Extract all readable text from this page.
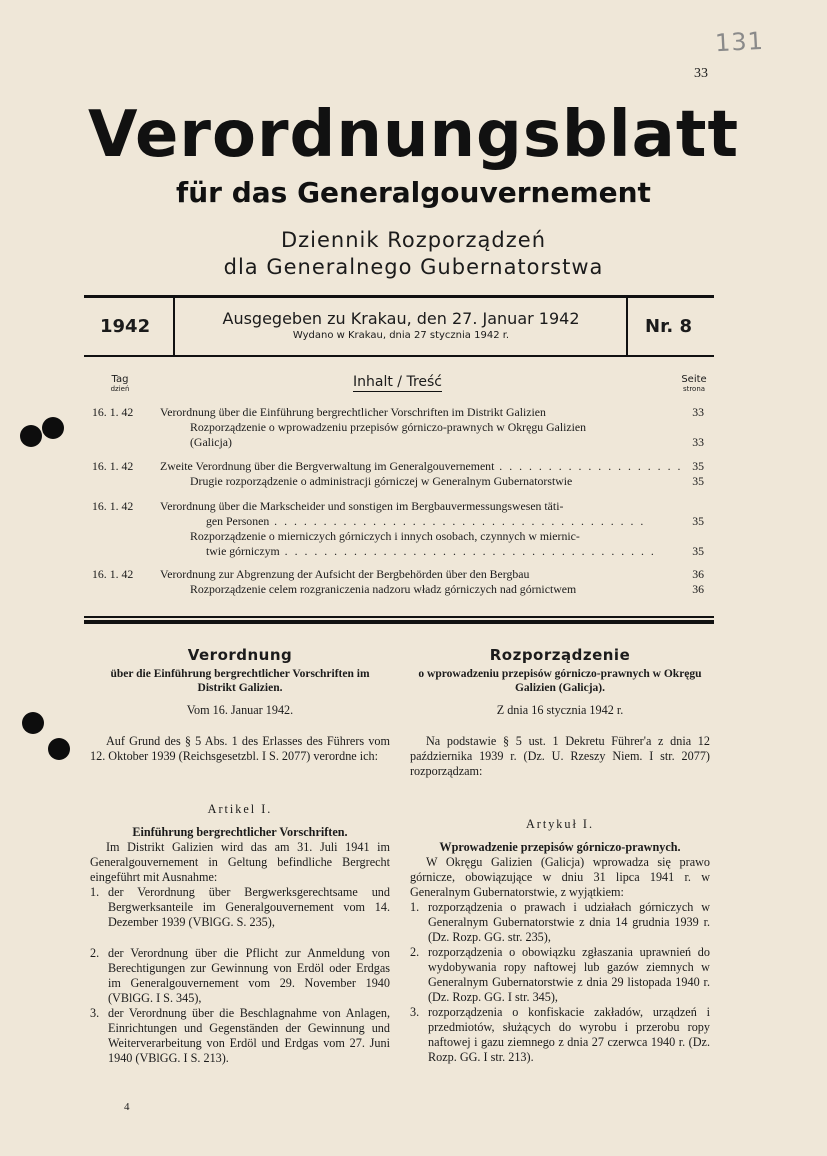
131
33
Verordnungsblatt
für das Generalgouvernement
Dziennik Rozporządzeń
dla Generalnego Gubernatorstwa
1942	Ausgegeben zu Krakau, den 27. Januar 1942
Wydano w Krakau, dnia 27 stycznia 1942 r.	Nr. 8
Tag
dzień	Inhalt / Treść	Seite
strona
16. 1. 42 Verordnung über die Einführung bergrechtlicher Vorschriften im Distrikt Galizien	33
Rozporządzenie o wprowadzeniu przepisów górniczo-prawnych w Okręgu Galizien
(Galicja)	33
16. 1. 42 Zweite Verordnung über die Bergverwaltung im Generalgouvernement . . .	35
Drugie rozporządzenie o administracji górniczej w Generalnym Gubernatorstwie	35
16. 1. 42 Verordnung über die Markscheider und sonstigen im Bergbauvermessungswesen täti-
gen Personen . . .	35
Rozporządzenie o mierniczych górniczych i innych osobach, czynnych w miernic-
twie górniczym . . .	35
16. 1. 42 Verordnung zur Abgrenzung der Aufsicht der Bergbehörden über den Bergbau	36
Rozporządzenie celem rozgraniczenia nadzoru władz górniczych nad górnictwem	36
Verordnung
über die Einführung bergrechtlicher Vorschriften im Distrikt Galizien.
Vom 16. Januar 1942.
Auf Grund des § 5 Abs. 1 des Erlasses des Führers vom 12. Oktober 1939 (Reichsgesetzbl. I S. 2077) verordne ich:
Artikel I.
Einführung bergrechtlicher Vorschriften.
Im Distrikt Galizien wird das am 31. Juli 1941 im Generalgouvernement in Geltung befindliche Bergrecht eingeführt mit Ausnahme:
1. der Verordnung über Bergwerksgerechtsame und Bergwerksanteile im Generalgouvernement vom 14. Dezember 1939 (VBlGG. S. 235),
2. der Verordnung über die Pflicht zur Anmeldung von Berechtigungen zur Gewinnung von Erdöl oder Erdgas im Generalgouvernement vom 29. November 1940 (VBlGG. I S. 345),
3. der Verordnung über die Beschlagnahme von Anlagen, Einrichtungen und Gegenständen der Gewinnung und Weiterverarbeitung von Erdöl und Erdgas vom 27. Juni 1940 (VBlGG. I S. 213).
Rozporządzenie
o wprowadzeniu przepisów górniczo-prawnych w Okręgu Galizien (Galicja).
Z dnia 16 stycznia 1942 r.
Na podstawie § 5 ust. 1 Dekretu Führer'a z dnia 12 października 1939 r. (Dz. U. Rzeszy Niem. I str. 2077) rozporządzam:
Artykuł I.
Wprowadzenie przepisów górniczo-prawnych.
W Okręgu Galizien (Galicja) wprowadza się prawo górnicze, obowiązujące w dniu 31 lipca 1941 r. w Generalnym Gubernatorstwie, z wyjątkiem:
1. rozporządzenia o prawach i udziałach górniczych w Generalnym Gubernatorstwie z dnia 14 grudnia 1939 r. (Dz. Rozp. GG. str. 235),
2. rozporządzenia o obowiązku zgłaszania uprawnień do wydobywania ropy naftowej lub gazów ziemnych w Generalnym Gubernatorstwie z dnia 29 listopada 1940 r. (Dz. Rozp. GG. I str. 345),
3. rozporządzenia o konfiskacie zakładów, urządzeń i przedmiotów, służących do wyrobu i przerobu ropy naftowej i gazu ziemnego z dnia 27 czerwca 1940 r. (Dz. Rozp. GG. I str. 213).
4
